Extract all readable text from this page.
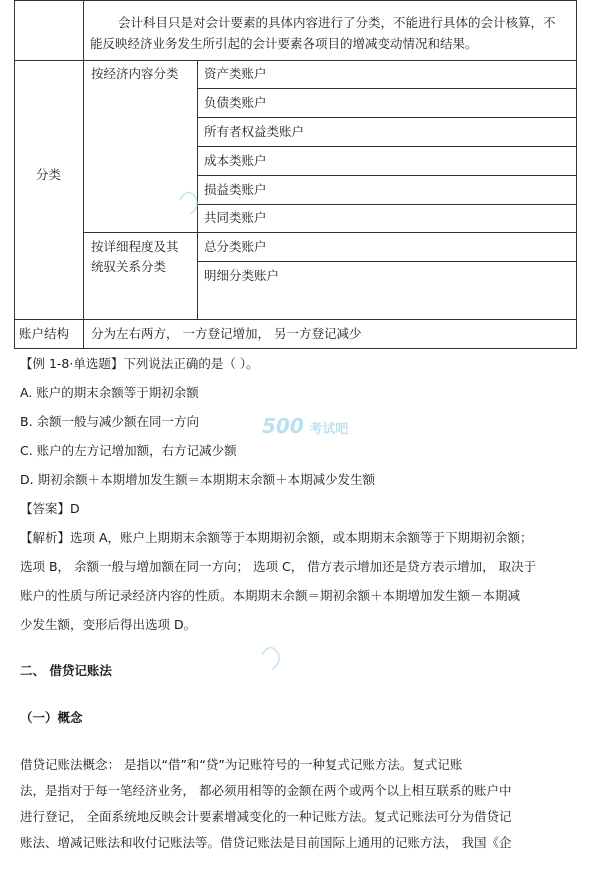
会计科目只是对会计要素的具体内容进行了分类，不能进行具体的会计核算，不
能反映经济业务发生所引起的会计要素各项目的增减变动情况和结果。
分类
按经济内容分类 资产类账户
负债类账户
所有者权益类账户
成本类账户
损益类账户
共同类账户
按详细程度及其
统驭关系分类
总分类账户
明细分类账户
账户结构 分为左右两方， 一方登记增加， 另一方登记减少
【例 1-8·单选题】下列说法正确的是（ ）。
A. 账户的期末余额等于期初余额
B. 余额一般与减少额在同一方向
C. 账户的左方记增加额，右方记减少额
D. 期初余额＋本期增加发生额＝本期期末余额＋本期减少发生额
【答案】D
【解析】选项 A，账户上期期末余额等于本期期初余额，或本期期末余额等于下期期初余额；
选项 B， 余额一般与增加额在同一方向； 选项 C， 借方表示增加还是贷方表示增加， 取决于
账户的性质与所记录经济内容的性质。本期期末余额＝期初余额＋本期增加发生额－本期减
少发生额，变形后得出选项 D。
二、 借贷记账法
（一）概念
借贷记账法概念： 是指以“借”和“贷”为记账符号的一种复式记账方法。复式记账
法，是指对于每一笔经济业务， 都必须用相等的金额在两个或两个以上相互联系的账户中
进行登记， 全面系统地反映会计要素增减变化的一种记账方法。复式记账法可分为借贷记
账法、增减记账法和收付记账法等。借贷记账法是目前国际上通用的记账方法， 我国《企
500 考试吧
